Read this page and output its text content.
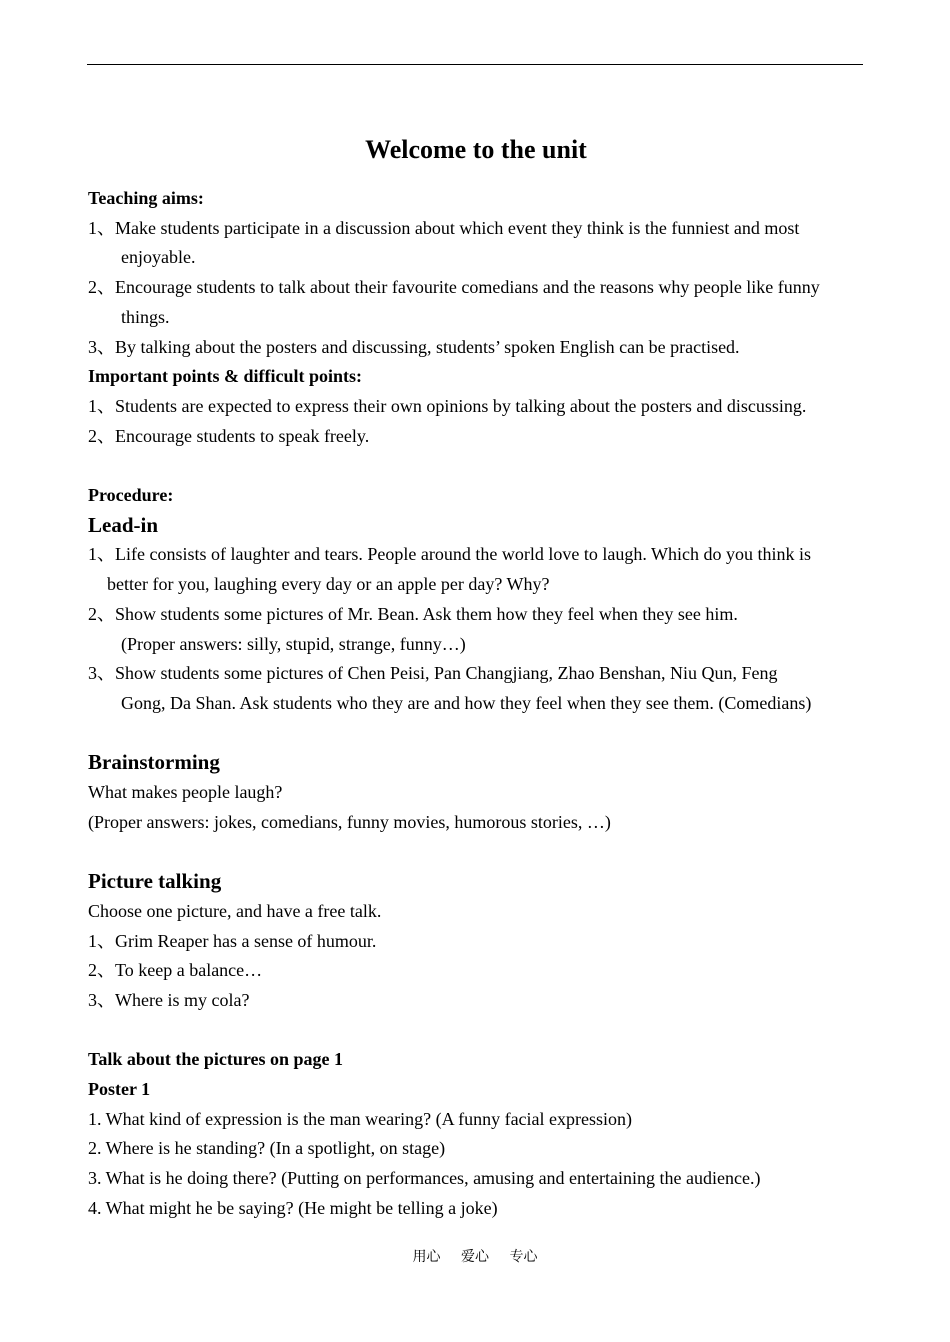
Welcome to the unit

Teaching aims:

1、Make students participate in a discussion about which event they think is the funniest and most

enjoyable.

2、Encourage students to talk about their favourite comedians and the reasons why people like funny

things.

3、By talking about the posters and discussing, students’ spoken English can be practised.

Important points & difficult points:

1、Students are expected to express their own opinions by talking about the posters and discussing.

2、Encourage students to speak freely.

Procedure:

Lead-in

1、Life consists of laughter and tears. People around the world love to laugh. Which do you think is

better for you, laughing every day or an apple per day? Why?

2、Show students some pictures of Mr. Bean. Ask them how they feel when they see him.

(Proper answers: silly, stupid, strange, funny…)

3、Show students some pictures of Chen Peisi, Pan Changjiang, Zhao Benshan, Niu Qun, Feng

Gong, Da Shan. Ask students who they are and how they feel when they see them. (Comedians)

Brainstorming

What makes people laugh?

(Proper answers: jokes, comedians, funny movies, humorous stories, …)

Picture talking

Choose one picture, and have a free talk.

1、Grim Reaper has a sense of humour.

2、To keep a balance…

3、Where is my cola?

Talk about the pictures on page 1

Poster 1

1. What kind of expression is the man wearing? (A funny facial expression)

2. Where is he standing? (In a spotlight, on stage)

3. What is he doing there? (Putting on performances, amusing and entertaining the audience.)

4. What might he be saying? (He might be telling a joke)

用心 爱心 专心
